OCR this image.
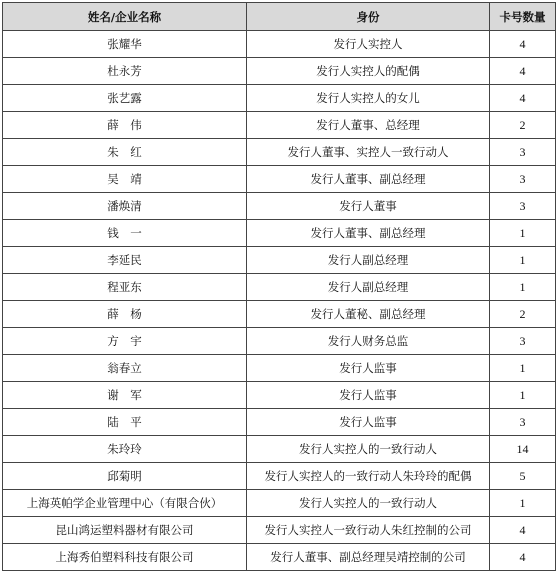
姓名/企业名称	身份	卡号数量
张耀华	发行人实控人	4
杜永芳	发行人实控人的配偶	4
张艺露	发行人实控人的女儿	4
薛　伟	发行人董事、总经理	2
朱　红	发行人董事、实控人一致行动人	3
吴　靖	发行人董事、副总经理	3
潘焕清	发行人董事	3
钱　一	发行人董事、副总经理	1
李延民	发行人副总经理	1
程亚东	发行人副总经理	1
薛　杨	发行人董秘、副总经理	2
方　宇	发行人财务总监	3
翁春立	发行人监事	1
谢　军	发行人监事	1
陆　平	发行人监事	3
朱玲玲	发行人实控人的一致行动人	14
邱菊明	发行人实控人的一致行动人朱玲玲的配偶	5
上海英帕学企业管理中心（有限合伙）	发行人实控人的一致行动人	1
昆山鸿运塑料器材有限公司	发行人实控人一致行动人朱红控制的公司	4
上海秀伯塑料科技有限公司	发行人董事、副总经理吴靖控制的公司	4
